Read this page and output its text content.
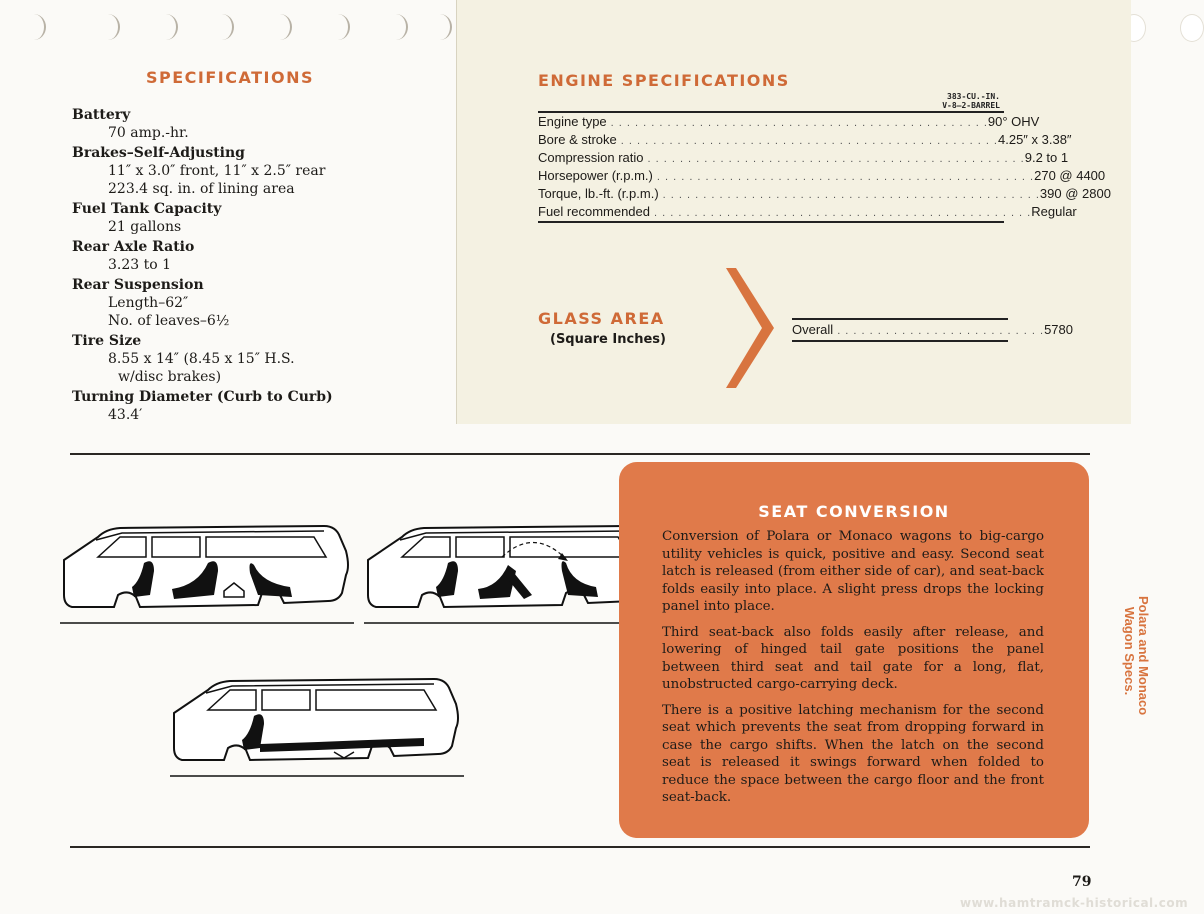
SPECIFICATIONS
Battery
70 amp.-hr.
Brakes–Self-Adjusting
11″ x 3.0″ front, 11″ x 2.5″ rear
223.4 sq. in. of lining area
Fuel Tank Capacity
21 gallons
Rear Axle Ratio
3.23 to 1
Rear Suspension
Length–62″
No. of leaves–6½
Tire Size
8.55 x 14″ (8.45 x 15″ H.S.
w/disc brakes)
Turning Diameter (Curb to Curb)
43.4′
ENGINE SPECIFICATIONS
383-CU.-IN.
V-8—2-BARREL
Engine type . . . . . . . . . . . . . . . . . . . . . . . . . . . . . . . . . . . . . . . . . . . . . . . 90° OHV
Bore & stroke . . . . . . . . . . . . . . . . . . . . . . . . . . . . . . . . . . . . . . . . . . . . . . . 4.25″ x 3.38″
Compression ratio . . . . . . . . . . . . . . . . . . . . . . . . . . . . . . . . . . . . . . . . . . . . . . . 9.2 to 1
Horsepower (r.p.m.) . . . . . . . . . . . . . . . . . . . . . . . . . . . . . . . . . . . . . . . . . . . . . . . 270 @ 4400
Torque, lb.-ft. (r.p.m.) . . . . . . . . . . . . . . . . . . . . . . . . . . . . . . . . . . . . . . . . . . . . . . . 390 @ 2800
Fuel recommended . . . . . . . . . . . . . . . . . . . . . . . . . . . . . . . . . . . . . . . . . . . . . . . Regular
GLASS AREA
(Square Inches)
Overall . . . . . . . . . . . . . . . . . . . . . . . . . . 5780
SEAT CONVERSION

Conversion of Polara or Monaco wagons to big-cargo utility vehicles is quick, positive and easy. Second seat latch is released (from either side of car), and seat-back folds easily into place. A slight press drops the locking panel into place.

Third seat-back also folds easily after release, and lowering of hinged tail gate positions the panel between third seat and tail gate for a long, flat, unobstructed cargo-carrying deck.

There is a positive latching mechanism for the second seat which prevents the seat from dropping forward in case the cargo shifts. When the latch on the second seat is released it swings forward when folded to reduce the space between the cargo floor and the front seat-back.

Polara and Monaco
Wagon Specs.
79
www.hamtramck-historical.com
